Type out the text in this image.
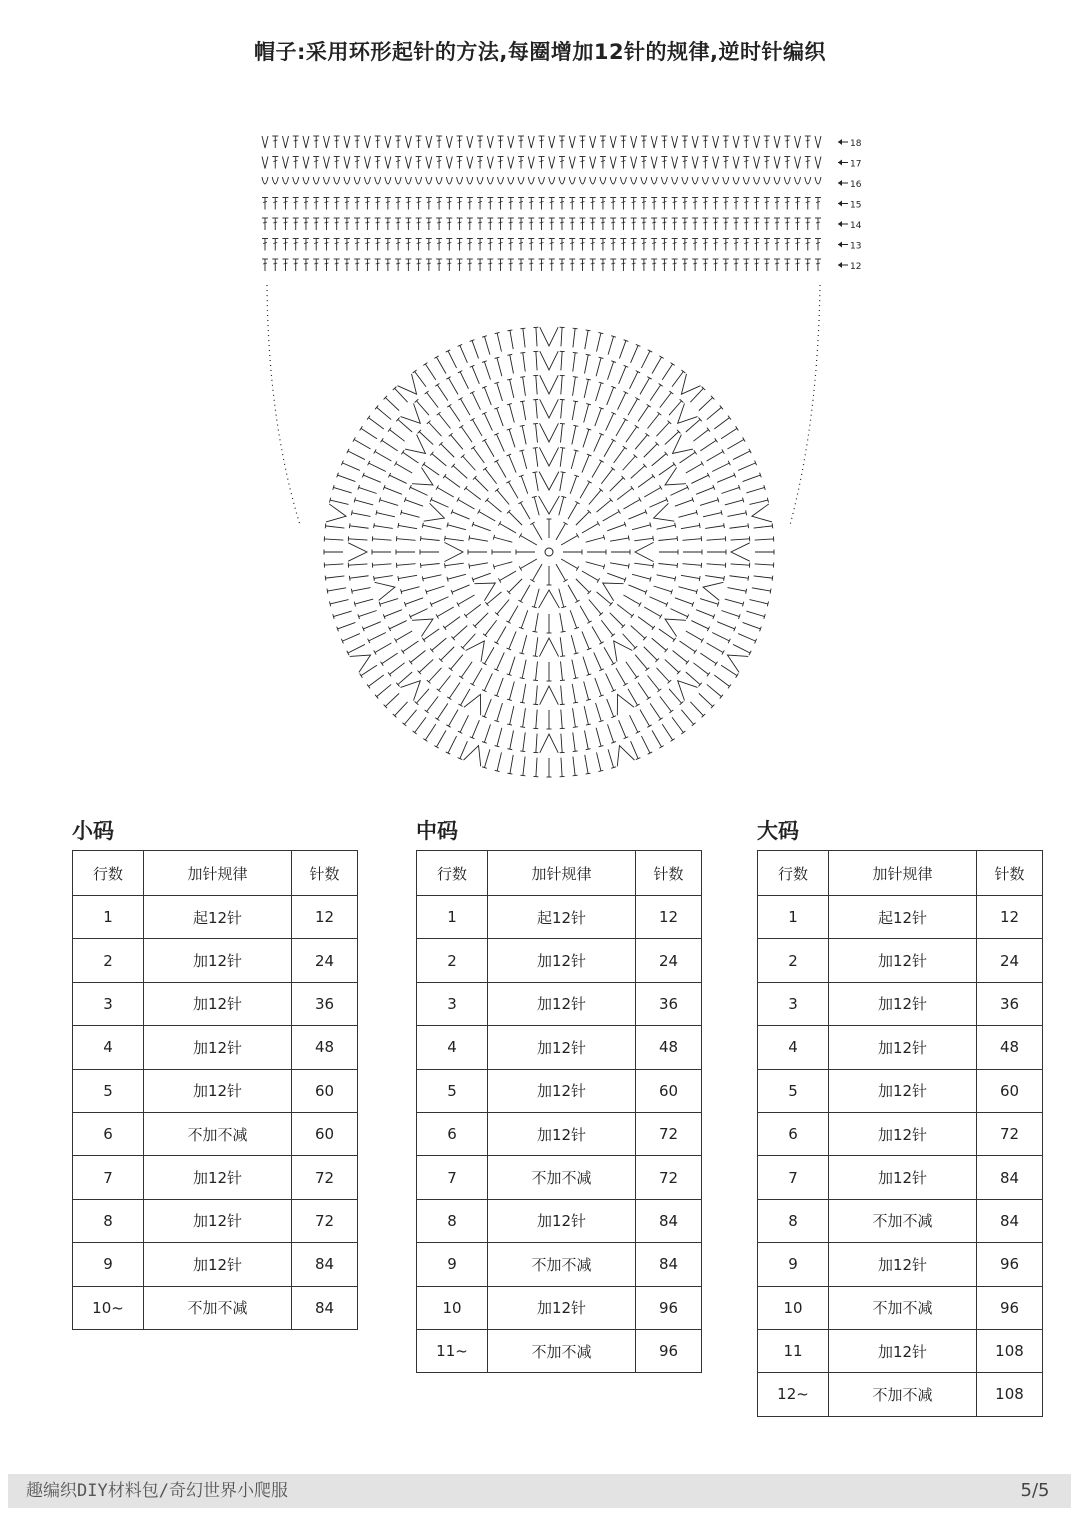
帽子:采用环形起针的方法,每圈增加12针的规律,逆时针编织
18
17
16
15
14
13
12
小码
行数	加针规律	针数
1	起12针	12
2	加12针	24
3	加12针	36
4	加12针	48
5	加12针	60
6	不加不减	60
7	加12针	72
8	加12针	72
9	加12针	84
10~	不加不减	84
中码
行数	加针规律	针数
1	起12针	12
2	加12针	24
3	加12针	36
4	加12针	48
5	加12针	60
6	加12针	72
7	不加不减	72
8	加12针	84
9	不加不减	84
10	加12针	96
11~	不加不减	96
大码
行数	加针规律	针数
1	起12针	12
2	加12针	24
3	加12针	36
4	加12针	48
5	加12针	60
6	加12针	72
7	加12针	84
8	不加不减	84
9	加12针	96
10	不加不减	96
11	加12针	108
12~	不加不减	108
趣编织DIY材料包/奇幻世界小爬服	5/5
